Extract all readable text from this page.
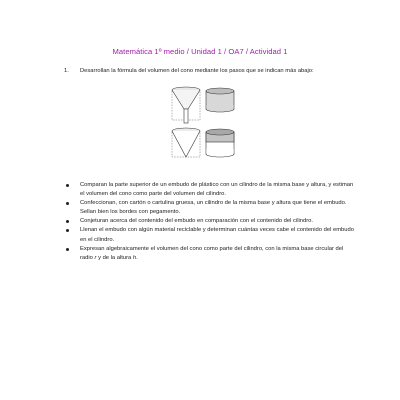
Matemática 1º medio / Unidad 1 / OA7 / Actividad 1
1. Desarrollan la fórmula del volumen del cono mediante los pasos que se indican más abajo:
Comparan la parte superior de un embudo de plástico con un cilindro de la misma base y altura, y estiman el volumen del cono como parte del volumen del cilindro.
Confeccionan, con cartón o cartulina gruesa, un cilindro de la misma base y altura que tiene el embudo. Sellan bien los bordes con pegamento.
Conjeturan acerca del contenido del embudo en comparación con el contenido del cilindro.
Llenan el embudo con algún material reciclable y determinan cuántas veces cabe el contenido del embudo en el cilindro.
Expresan algebraicamente el volumen del cono como parte del cilindro, con la misma base circular del radio r y de la altura h.
